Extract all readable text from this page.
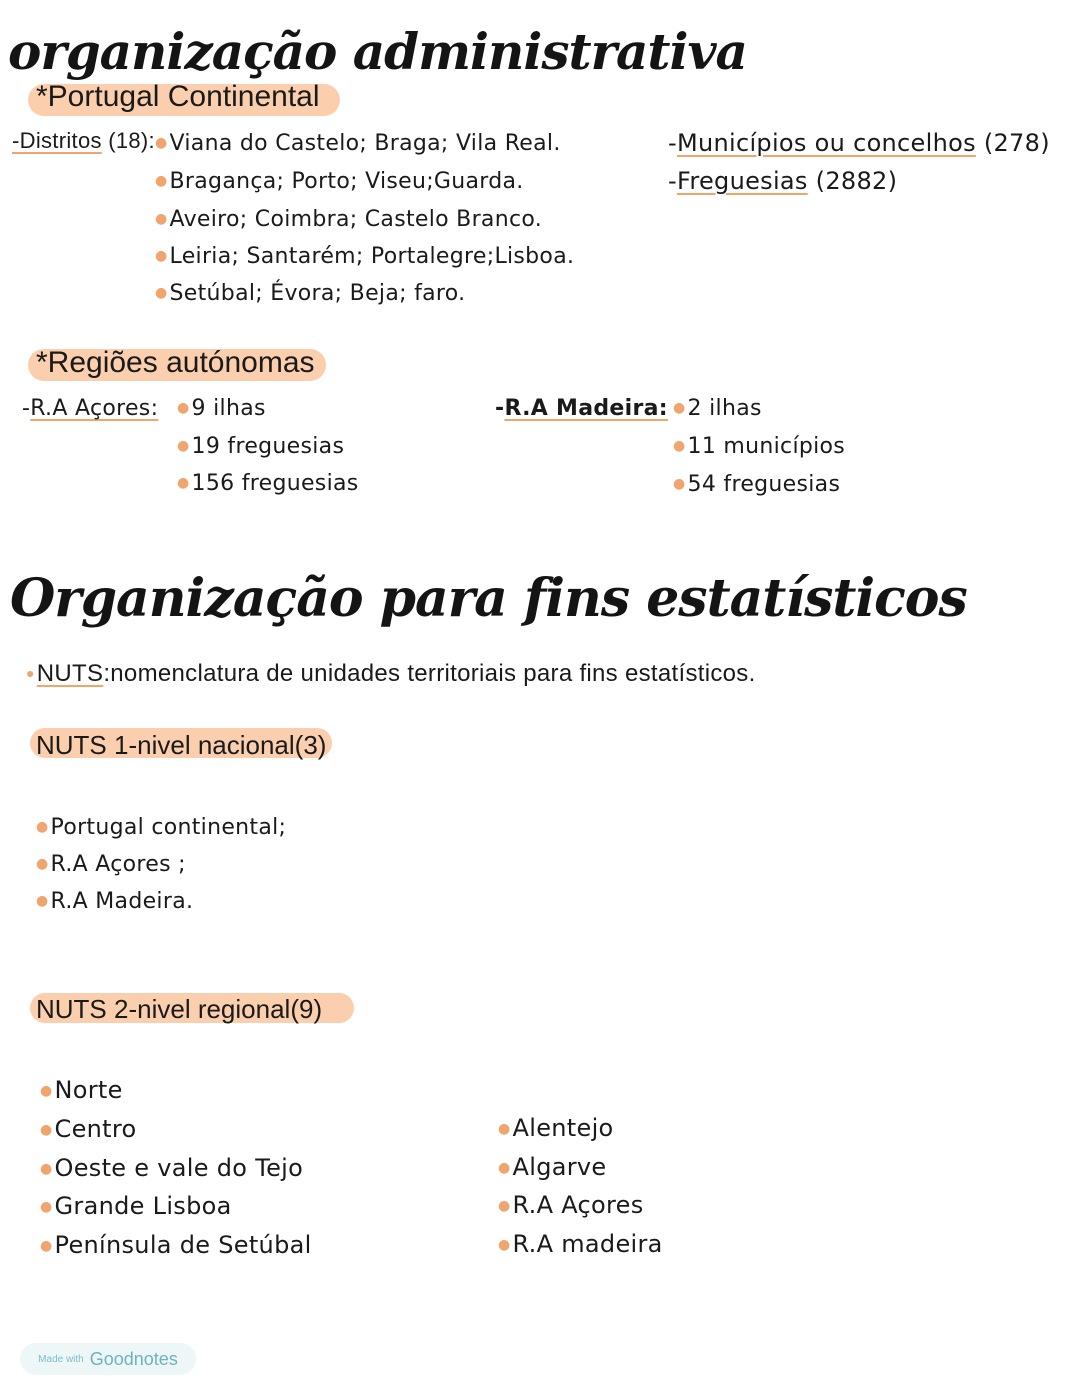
organização administrativa
*Portugal Continental
-Distritos (18): ●Viana do Castelo; Braga; Vila Real.
●Bragança; Porto; Viseu;Guarda.
●Aveiro; Coimbra; Castelo Branco.
●Leiria; Santarém; Portalegre;Lisboa.
●Setúbal; Évora; Beja; faro.
-Municípios ou concelhos (278)
-Freguesias (2882)
*Regiões autónomas
-R.A Açores: ●9 ilhas
●19 freguesias
●156 freguesias
-R.A Madeira: ●2 ilhas
●11 municípios
●54 freguesias
Organização para fins estatísticos
●NUTS:nomenclatura de unidades territoriais para fins estatísticos.
NUTS 1-nivel nacional(3)
●Portugal continental;
●R.A Açores ;
●R.A Madeira.
NUTS 2-nivel regional(9)
●Norte
●Centro
●Oeste e vale do Tejo
●Grande Lisboa
●Península de Setúbal
●Alentejo
●Algarve
●R.A Açores
●R.A madeira
Made with Goodnotes
